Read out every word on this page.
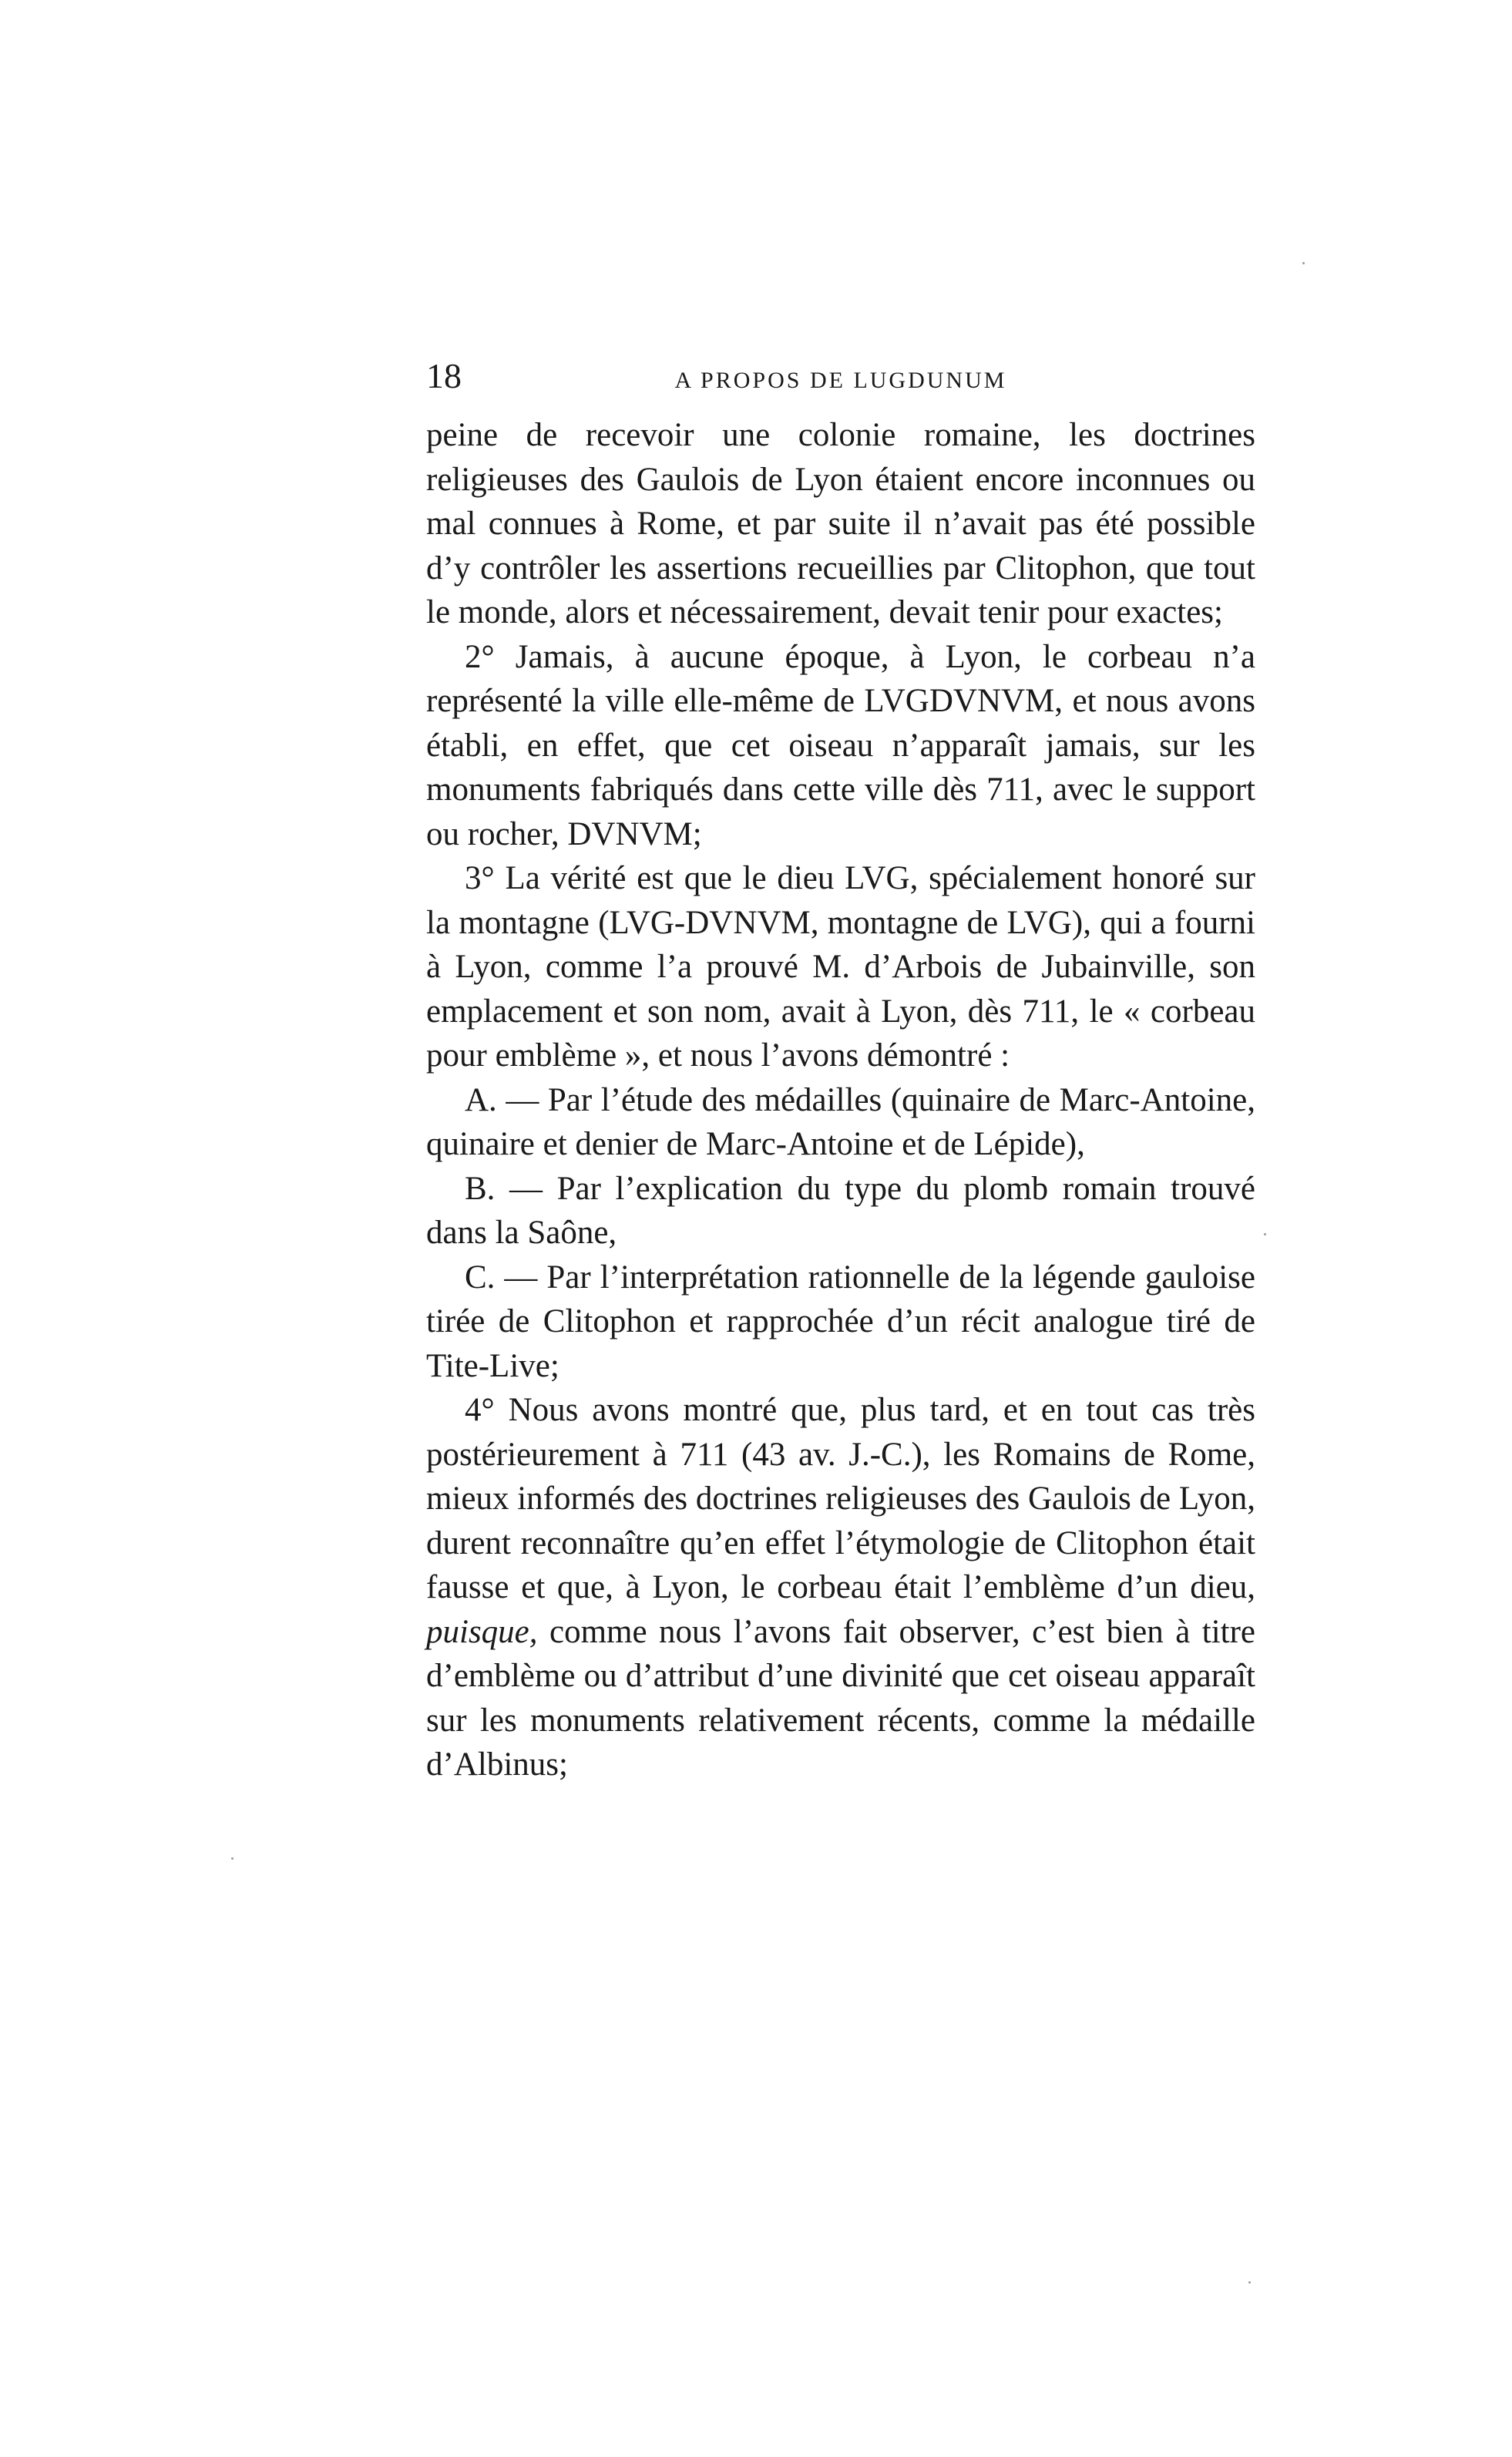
18	A PROPOS DE LUGDUNUM

peine de recevoir une colonie romaine, les doctrines religieuses des Gaulois de Lyon étaient encore inconnues ou mal connues à Rome, et par suite il n’avait pas été possible d’y contrôler les assertions recueillies par Clitophon, que tout le monde, alors et nécessairement, devait tenir pour exactes;

2° Jamais, à aucune époque, à Lyon, le corbeau n’a représenté la ville elle-même de LVGDVNVM, et nous avons établi, en effet, que cet oiseau n’apparaît jamais, sur les monuments fabriqués dans cette ville dès 711, avec le support ou rocher, DVNVM;

3° La vérité est que le dieu LVG, spécialement honoré sur la montagne (LVG-DVNVM, montagne de LVG), qui a fourni à Lyon, comme l’a prouvé M. d’Arbois de Jubainville, son emplacement et son nom, avait à Lyon, dès 711, le « corbeau pour emblème », et nous l’avons démontré :

A. — Par l’étude des médailles (quinaire de Marc-Antoine, quinaire et denier de Marc-Antoine et de Lépide),

B. — Par l’explication du type du plomb romain trouvé dans la Saône,

C. — Par l’interprétation rationnelle de la légende gauloise tirée de Clitophon et rapprochée d’un récit analogue tiré de Tite-Live;

4° Nous avons montré que, plus tard, et en tout cas très postérieurement à 711 (43 av. J.-C.), les Romains de Rome, mieux informés des doctrines religieuses des Gaulois de Lyon, durent reconnaître qu’en effet l’étymologie de Clitophon était fausse et que, à Lyon, le corbeau était l’emblème d’un dieu, puisque, comme nous l’avons fait observer, c’est bien à titre d’emblème ou d’attribut d’une divinité que cet oiseau apparaît sur les monuments relativement récents, comme la médaille d’Albinus;
